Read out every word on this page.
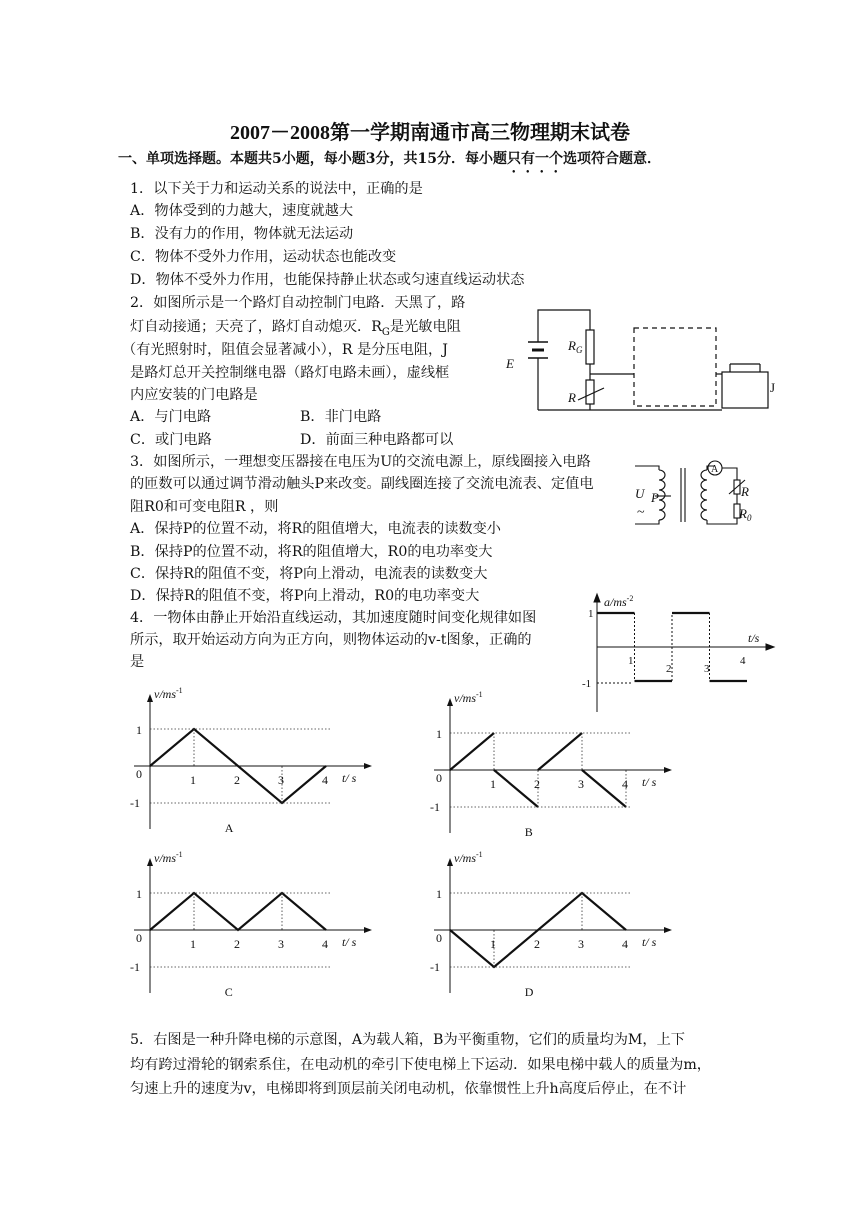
2007－2008第一学期南通市高三物理期末试卷
一、单项选择题。本题共5小题，每小题3分，共15分．每小题只有一个选项符合题意．
1．以下关于力和运动关系的说法中，正确的是
A．物体受到的力越大，速度就越大
B．没有力的作用，物体就无法运动
C．物体不受外力作用，运动状态也能改变
D．物体不受外力作用，也能保持静止状态或匀速直线运动状态
2．如图所示是一个路灯自动控制门电路．天黑了，路
灯自动接通；天亮了，路灯自动熄灭．$R_G$是光敏电阻
（有光照射时，阻值会显著减小），R 是分压电阻，J
是路灯总开关控制继电器（路灯电路未画），虚线框
内应安装的门电路是
A．与门电路	B．非门电路
C．或门电路	D．前面三种电路都可以
E
$R_G$
R
J
3．如图所示，一理想变压器接在电压为U的交流电源上，原线圈接入电路
的匝数可以通过调节滑动触头P来改变。副线圈连接了交流电流表、定值电
阻R0和可变电阻R ，则
A．保持P的位置不动，将R的阻值增大，电流表的读数变小
B．保持P的位置不动，将R的阻值增大，R0的电功率变大
C．保持R的阻值不变，将P向上滑动，电流表的读数变大
D．保持R的阻值不变，将P向上滑动，R0的电功率变大
A
U P
~
R
$R_0$
4．一物体由静止开始沿直线运动，其加速度随时间变化规律如图
所示，取开始运动方向为正方向，则物体运动的v-t图象，正确的
是
$a/ms^{-2}$
t/s
1
-1
1
2	3
4
$v/ms^{-1}$
1
-1
0	1	2	3	4 t/ s
A
$v/ms^{-1}$
1
-1
0	1	2	3	4 t/ s
B
$v/ms^{-1}$
1
-1
0	1	2	3	4 t/ s
C
$v/ms^{-1}$
1
-1
0	1	2	3	4 t/ s
D
5．右图是一种升降电梯的示意图，A为载人箱，B为平衡重物，它们的质量均为M，上下
均有跨过滑轮的钢索系住，在电动机的牵引下使电梯上下运动．如果电梯中载人的质量为m，
匀速上升的速度为v，电梯即将到顶层前关闭电动机，依靠惯性上升h高度后停止，在不计
